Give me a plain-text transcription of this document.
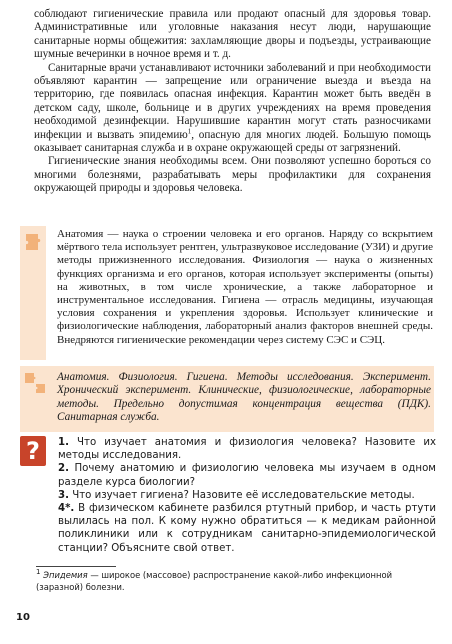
соблюдают гигиенические правила или продают опасный для здоровья товар. Административные или уголовные наказания несут люди, нарушающие санитарные нормы общежития: захламляющие дворы и подъезды, устраивающие шумные вечеринки в ночное время и т. д.

Санитарные врачи устанавливают источники заболеваний и при необходимости объявляют карантин — запрещение или ограничение выезда и въезда на территорию, где появилась опасная инфекция. Карантин может быть введён в детском саду, школе, больнице и в других учреждениях на время проведения необходимой дезинфекции. Нарушившие карантин могут стать разносчиками инфекции и вызвать эпидемию$^1$, опасную для многих людей. Большую помощь оказывает санитарная служба и в охране окружающей среды от загрязнений.

Гигиенические знания необходимы всем. Они позволяют успешно бороться со многими болезнями, разрабатывать меры профилактики для сохранения окружающей природы и здоровья человека.

Анатомия — наука о строении человека и его органов. Наряду со вскрытием мёртвого тела использует рентген, ультразвуковое исследование (УЗИ) и другие методы прижизненного исследования. Физиология — наука о жизненных функциях организма и его органов, которая использует эксперименты (опыты) на животных, в том числе хронические, а также лабораторное и инструментальное исследования. Гигиена — отрасль медицины, изучающая условия сохранения и укрепления здоровья. Использует клинические и физиологические наблюдения, лабораторный анализ факторов внешней среды. Внедряются гигиенические рекомендации через систему СЭС и СЭЦ.
Анатомия. Физиология. Гигиена. Методы исследования. Эксперимент. Хронический эксперимент. Клинические, физиологические, лабораторные методы. Предельно допустимая концентрация вещества (ПДК). Санитарная служба.
?	1. Что изучает анатомия и физиология человека? Назовите их методы исследования.

2. Почему анатомию и физиологию человека мы изучаем в одном разделе курса биологии?

3. Что изучает гигиена? Назовите её исследовательские методы.

4*. В физическом кабинете разбился ртутный прибор, и часть ртути вылилась на пол. К кому нужно обратиться — к медикам районной поликлиники или к сотрудникам санитарно-эпидемиологической станции? Объясните свой ответ.

$^1$ Эпидемия — широкое (массовое) распространение какой-либо инфекционной (заразной) болезни.
10
